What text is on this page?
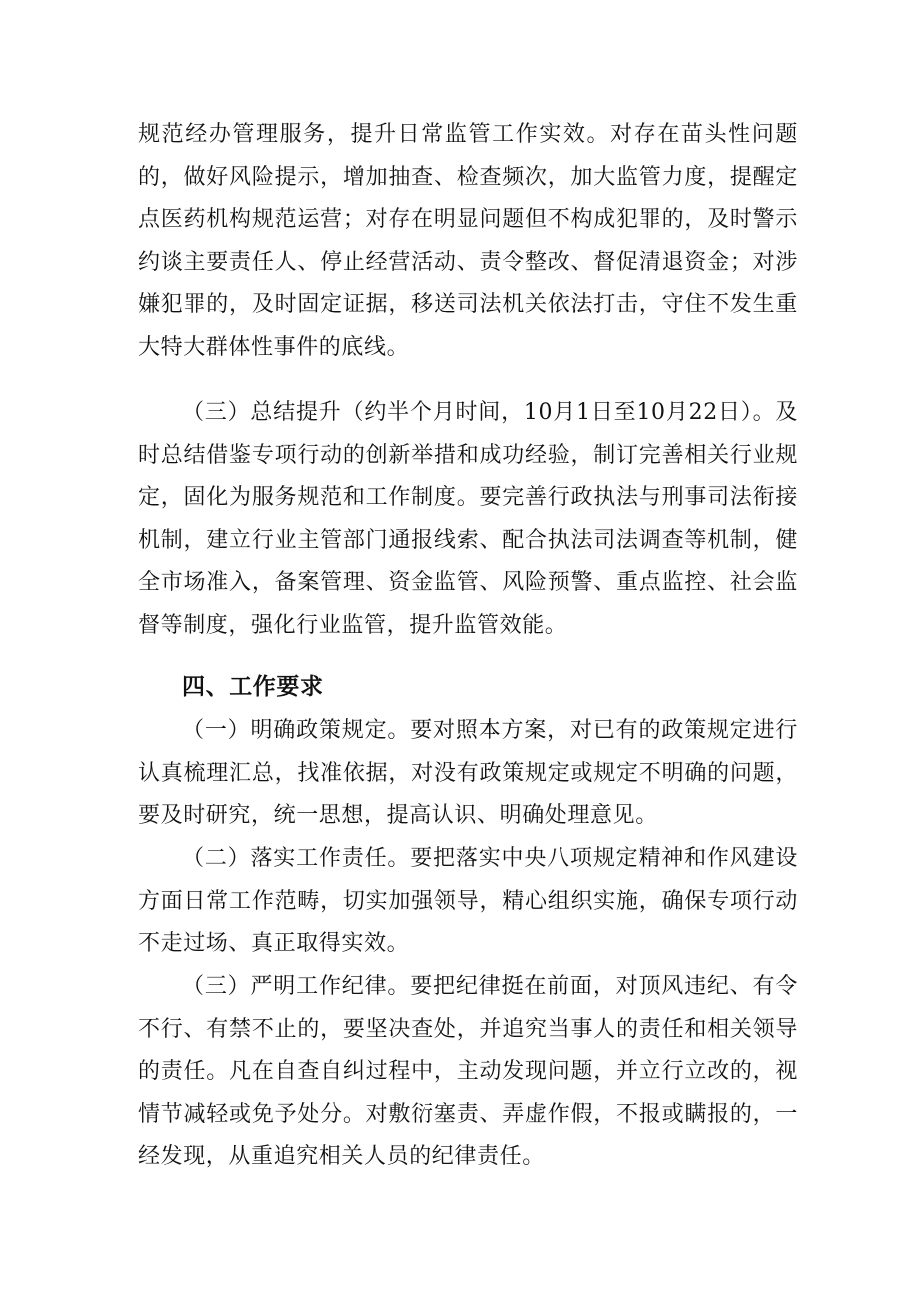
规范经办管理服务，提升日常监管工作实效。对存在苗头性问题的，做好风险提示，增加抽查、检查频次，加大监管力度，提醒定点医药机构规范运营；对存在明显问题但不构成犯罪的，及时警示约谈主要责任人、停止经营活动、责令整改、督促清退资金；对涉嫌犯罪的，及时固定证据，移送司法机关依法打击，守住不发生重大特大群体性事件的底线。

（三）总结提升（约半个月时间，10月1日至10月22日）。及时总结借鉴专项行动的创新举措和成功经验，制订完善相关行业规定，固化为服务规范和工作制度。要完善行政执法与刑事司法衔接机制，建立行业主管部门通报线索、配合执法司法调查等机制，健全市场准入，备案管理、资金监管、风险预警、重点监控、社会监督等制度，强化行业监管，提升监管效能。

四、工作要求

（一）明确政策规定。要对照本方案，对已有的政策规定进行认真梳理汇总，找准依据，对没有政策规定或规定不明确的问题，要及时研究，统一思想，提高认识、明确处理意见。

（二）落实工作责任。要把落实中央八项规定精神和作风建设方面日常工作范畴，切实加强领导，精心组织实施，确保专项行动不走过场、真正取得实效。

（三）严明工作纪律。要把纪律挺在前面，对顶风违纪、有令不行、有禁不止的，要坚决查处，并追究当事人的责任和相关领导的责任。凡在自查自纠过程中，主动发现问题，并立行立改的，视情节减轻或免予处分。对敷衍塞责、弄虚作假，不报或瞒报的，一经发现，从重追究相关人员的纪律责任。
